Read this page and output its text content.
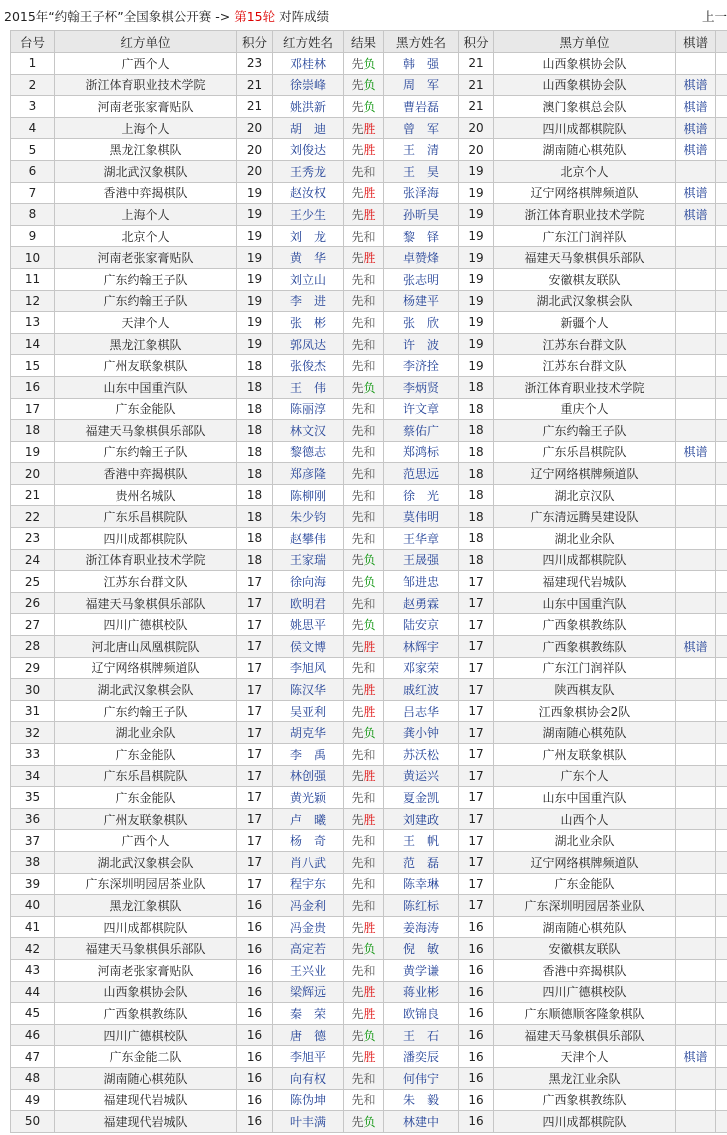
2015年“约翰王子杯”全国象棋公开赛 -> 第15轮 对阵成绩	上一
台号	红方单位	积分	红方姓名	结果	黑方姓名	积分	黑方单位	棋谱	
1	广西个人	23	邓桂林	先负	韩　强	21	山西象棋协会队		
2	浙江体育职业技术学院	21	徐崇峰	先负	周　军	21	山西象棋协会队	棋谱	
3	河南老张家膏贴队	21	姚洪新	先负	曹岩磊	21	澳门象棋总会队	棋谱	
4	上海个人	20	胡　迪	先胜	曾　军	20	四川成都棋院队	棋谱	
5	黑龙江象棋队	20	刘俊达	先胜	王　清	20	湖南随心棋苑队	棋谱	
6	湖北武汉象棋队	20	王秀龙	先和	王　昊	19	北京个人		
7	香港中弈揭棋队	19	赵汝权	先胜	张泽海	19	辽宁网络棋牌频道队	棋谱	
8	上海个人	19	王少生	先胜	孙昕昊	19	浙江体育职业技术学院	棋谱	
9	北京个人	19	刘　龙	先和	黎　铎	19	广东江门润祥队		
10	河南老张家膏贴队	19	黄　华	先胜	卓赞烽	19	福建天马象棋俱乐部队		
11	广东约翰王子队	19	刘立山	先和	张志明	19	安徽棋友联队		
12	广东约翰王子队	19	李　进	先和	杨建平	19	湖北武汉象棋会队		
13	天津个人	19	张　彬	先和	张　欣	19	新疆个人		
14	黑龙江象棋队	19	郭凤达	先和	许　波	19	江苏东台群文队		
15	广州友联象棋队	18	张俊杰	先和	李济拴	19	江苏东台群文队		
16	山东中国重汽队	18	王　伟	先负	李炳贤	18	浙江体育职业技术学院		
17	广东金能队	18	陈丽淳	先和	许文章	18	重庆个人		
18	福建天马象棋俱乐部队	18	林文汉	先和	蔡佑广	18	广东约翰王子队		
19	广东约翰王子队	18	黎德志	先和	郑鸿标	18	广东乐昌棋院队	棋谱	
20	香港中弈揭棋队	18	郑彦隆	先和	范思远	18	辽宁网络棋牌频道队		
21	贵州名城队	18	陈柳刚	先和	徐　光	18	湖北京汉队		
22	广东乐昌棋院队	18	朱少钧	先和	莫伟明	18	广东清远腾昊建设队		
23	四川成都棋院队	18	赵攀伟	先和	王华章	18	湖北业余队		
24	浙江体育职业技术学院	18	王家瑞	先负	王晟强	18	四川成都棋院队		
25	江苏东台群文队	17	徐向海	先负	邹进忠	17	福建现代岩城队		
26	福建天马象棋俱乐部队	17	欧明君	先和	赵勇霖	17	山东中国重汽队		
27	四川广德棋校队	17	姚思平	先负	陆安京	17	广西象棋教练队		
28	河北唐山凤凰棋院队	17	侯文博	先胜	林辉宇	17	广西象棋教练队	棋谱	
29	辽宁网络棋牌频道队	17	李旭风	先和	邓家荣	17	广东江门润祥队		
30	湖北武汉象棋会队	17	陈汉华	先胜	戚红波	17	陕西棋友队		
31	广东约翰王子队	17	吴亚利	先胜	吕志华	17	江西象棋协会2队		
32	湖北业余队	17	胡克华	先负	龚小钟	17	湖南随心棋苑队		
33	广东金能队	17	李　禹	先和	苏沃松	17	广州友联象棋队		
34	广东乐昌棋院队	17	林创强	先胜	黄运兴	17	广东个人		
35	广东金能队	17	黄光颖	先和	夏金凯	17	山东中国重汽队		
36	广州友联象棋队	17	卢　曦	先胜	刘建政	17	山西个人		
37	广西个人	17	杨　奇	先和	王　帆	17	湖北业余队		
38	湖北武汉象棋会队	17	肖八武	先和	范　磊	17	辽宁网络棋牌频道队		
39	广东深圳明园居茶业队	17	程宇东	先和	陈幸琳	17	广东金能队		
40	黑龙江象棋队	16	冯金利	先和	陈红标	17	广东深圳明园居茶业队		
41	四川成都棋院队	16	冯金贵	先胜	姜海涛	16	湖南随心棋苑队		
42	福建天马象棋俱乐部队	16	高定若	先负	倪　敏	16	安徽棋友联队		
43	河南老张家膏贴队	16	王兴业	先和	黄学谦	16	香港中弈揭棋队		
44	山西象棋协会队	16	梁辉远	先胜	蒋业彬	16	四川广德棋校队		
45	广西象棋教练队	16	秦　荣	先胜	欧锦良	16	广东顺德顺客隆象棋队		
46	四川广德棋校队	16	唐　德	先负	王　石	16	福建天马象棋俱乐部队		
47	广东金能二队	16	李旭平	先胜	潘奕辰	16	天津个人	棋谱	
48	湖南随心棋苑队	16	向有权	先和	何伟宁	16	黑龙江业余队		
49	福建现代岩城队	16	陈伪坤	先和	朱　毅	16	广西象棋教练队		
50	福建现代岩城队	16	叶丰满	先负	林建中	16	四川成都棋院队		
